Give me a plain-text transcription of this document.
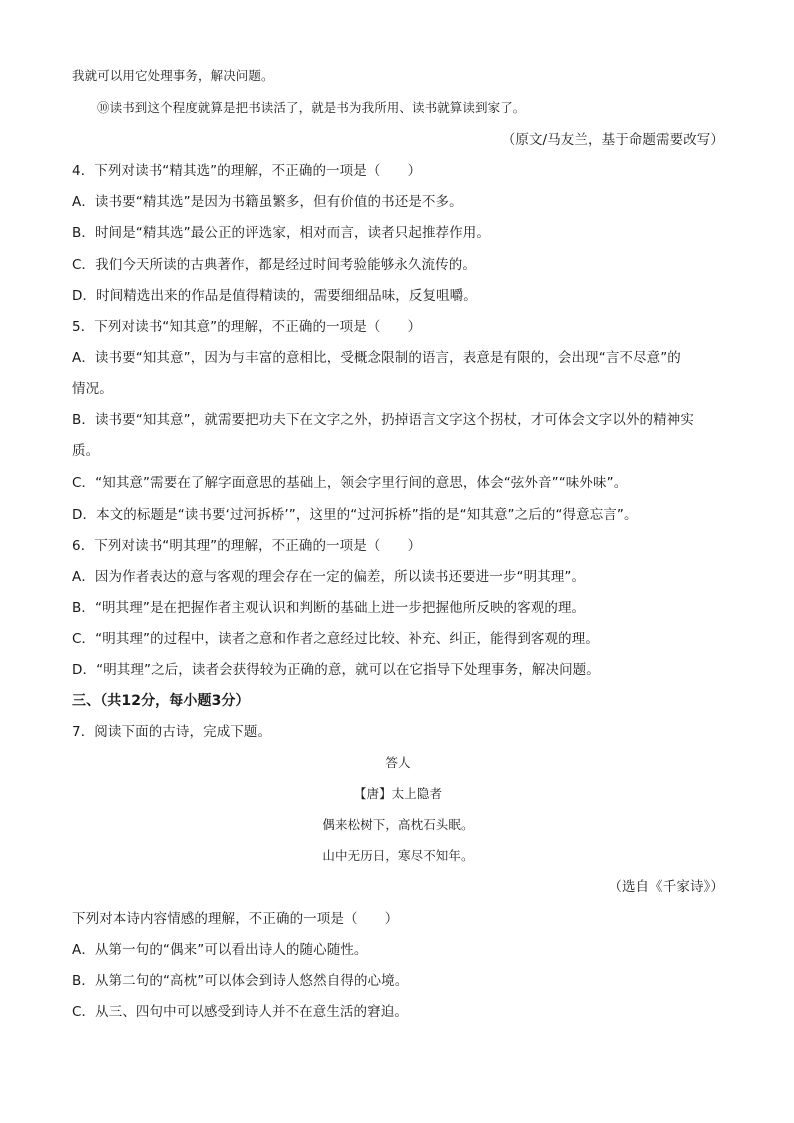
我就可以用它处理事务，解决问题。
⑩读书到这个程度就算是把书读活了，就是书为我所用、读书就算读到家了。
（原文/马友兰，基于命题需要改写）
4．下列对读书“精其选”的理解，不正确的一项是（　　）
A．读书要“精其选”是因为书籍虽繁多，但有价值的书还是不多。
B．时间是“精其选”最公正的评选家，相对而言，读者只起推荐作用。
C．我们今天所读的古典著作，都是经过时间考验能够永久流传的。
D．时间精选出来的作品是值得精读的，需要细细品味，反复咀嚼。
5．下列对读书“知其意”的理解，不正确的一项是（　　）
A．读书要“知其意”，因为与丰富的意相比，受概念限制的语言，表意是有限的，会出现“言不尽意”的
情况。
B．读书要“知其意”，就需要把功夫下在文字之外，扔掉语言文字这个拐杖，才可体会文字以外的精神实
质。
C．“知其意”需要在了解字面意思的基础上，领会字里行间的意思，体会“弦外音”“味外味”。
D．本文的标题是“读书要‘过河拆桥’”，这里的“过河拆桥”指的是“知其意”之后的“得意忘言”。
6．下列对读书“明其理”的理解，不正确的一项是（　　）
A．因为作者表达的意与客观的理会存在一定的偏差，所以读书还要进一步“明其理”。
B．“明其理”是在把握作者主观认识和判断的基础上进一步把握他所反映的客观的理。
C．“明其理”的过程中，读者之意和作者之意经过比较、补充、纠正，能得到客观的理。
D．“明其理”之后，读者会获得较为正确的意，就可以在它指导下处理事务，解决问题。
三、（共12分，每小题3分）
7．阅读下面的古诗，完成下题。
答人
【唐】太上隐者
偶来松树下，高枕石头眠。
山中无历日，寒尽不知年。
（选自《千家诗》）
下列对本诗内容情感的理解，不正确的一项是（　　）
A．从第一句的“偶来”可以看出诗人的随心随性。
B．从第二句的“高枕”可以体会到诗人悠然自得的心境。
C．从三、四句中可以感受到诗人并不在意生活的窘迫。
